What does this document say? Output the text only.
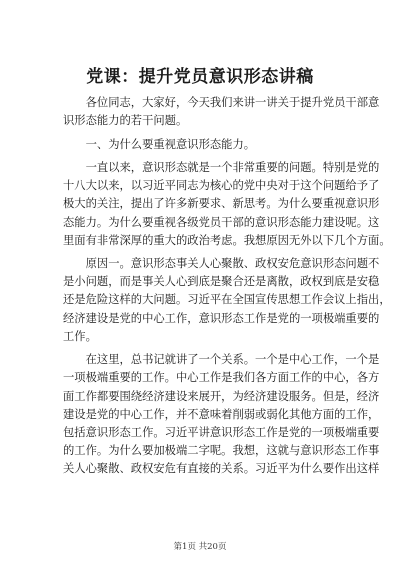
党课：提升党员意识形态讲稿
　　各位同志，大家好，今天我们来讲一讲关于提升党员干部意
识形态能力的若干问题。
　　一、为什么要重视意识形态能力。
　　一直以来，意识形态就是一个非常重要的问题。特别是党的
十八大以来，以习近平同志为核心的党中央对于这个问题给予了
极大的关注，提出了许多新要求、新思考。为什么要重视意识形
态能力。为什么要重视各级党员干部的意识形态能力建设呢。这
里面有非常深厚的重大的政治考虑。我想原因无外以下几个方面。
　　原因一。意识形态事关人心聚散、政权安危意识形态问题不
是小问题，而是事关人心到底是聚合还是离散，政权到底是安稳
还是危险这样的大问题。习近平在全国宣传思想工作会议上指出，
经济建设是党的中心工作，意识形态工作是党的一项极端重要的
工作。
　　在这里，总书记就讲了一个关系。一个是中心工作，一个是
一项极端重要的工作。中心工作是我们各方面工作的中心，各方
面工作都要围绕经济建设来展开，为经济建设服务。但是，经济
建设是党的中心工作，并不意味着削弱或弱化其他方面的工作，
包括意识形态工作。习近平讲意识形态工作是党的一项极端重要
的工作。为什么要加极端二字呢。我想，这就与意识形态工作事
关人心聚散、政权安危有直接的关系。习近平为什么要作出这样
第1页 共20页
